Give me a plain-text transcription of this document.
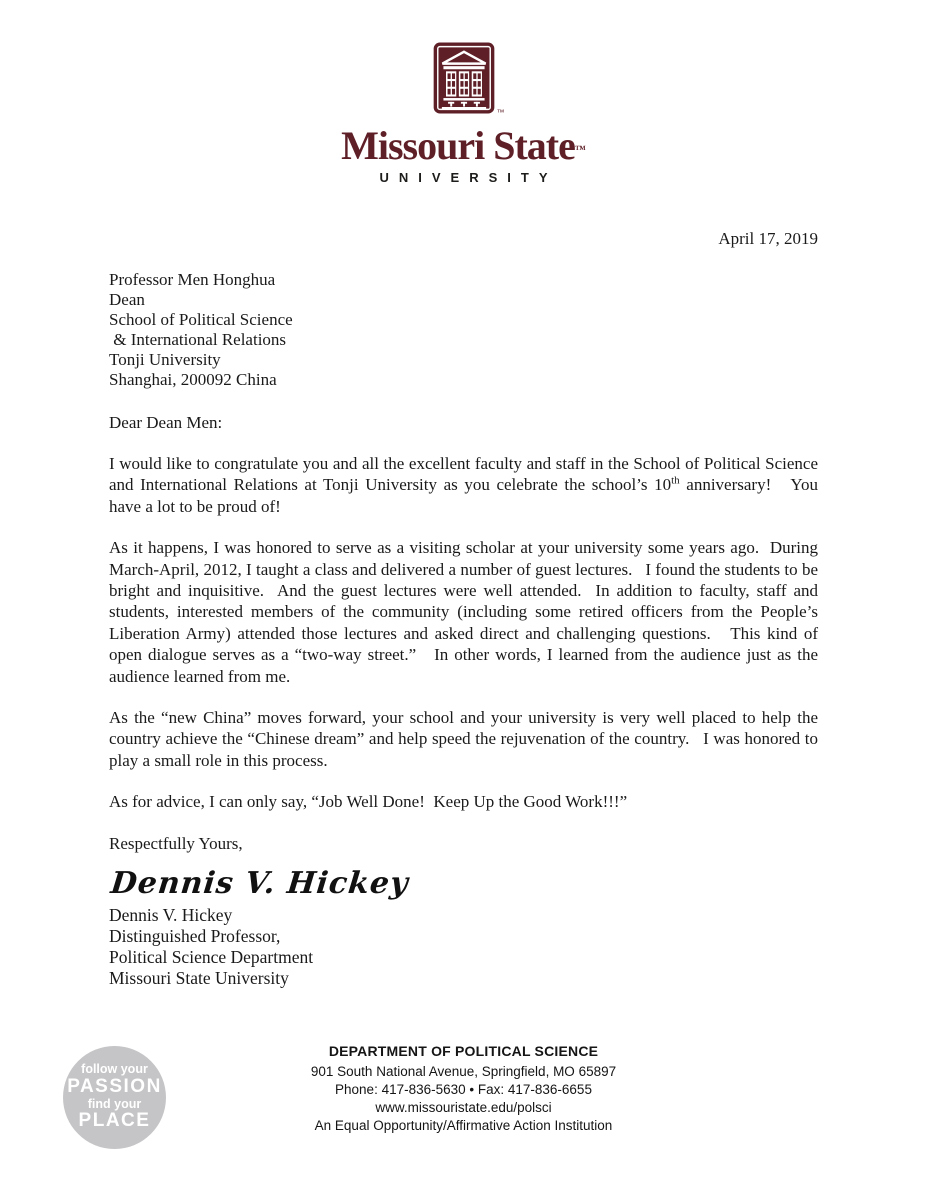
™
Missouri State™
UNIVERSITY
April 17, 2019
Professor Men Honghua
Dean
School of Political Science
& International Relations
Tonji University
Shanghai, 200092 China
Dear Dean Men:

I would like to congratulate you and all the excellent faculty and staff in the School of Political Science and International Relations at Tonji University as you celebrate the school’s 10th anniversary!   You have a lot to be proud of!

As it happens, I was honored to serve as a visiting scholar at your university some years ago.  During March-April, 2012, I taught a class and delivered a number of guest lectures.   I found the students to be bright and inquisitive.  And the guest lectures were well attended.  In addition to faculty, staff and students, interested members of the community (including some retired officers from the People’s Liberation Army) attended those lectures and asked direct and challenging questions.   This kind of open dialogue serves as a “two-way street.”   In other words, I learned from the audience just as the audience learned from me.

As the “new China” moves forward, your school and your university is very well placed to help the country achieve the “Chinese dream” and help speed the rejuvenation of the country.   I was honored to play a small role in this process.

As for advice, I can only say, “Job Well Done!  Keep Up the Good Work!!!”

Respectfully Yours,
Dennis V. Hickey
Dennis V. Hickey
Distinguished Professor,
Political Science Department
Missouri State University
follow your
PASSION
find your
PLACE
DEPARTMENT OF POLITICAL SCIENCE
901 South National Avenue, Springfield, MO 65897
Phone: 417-836-5630 • Fax: 417-836-6655
www.missouristate.edu/polsci
An Equal Opportunity/Affirmative Action Institution
